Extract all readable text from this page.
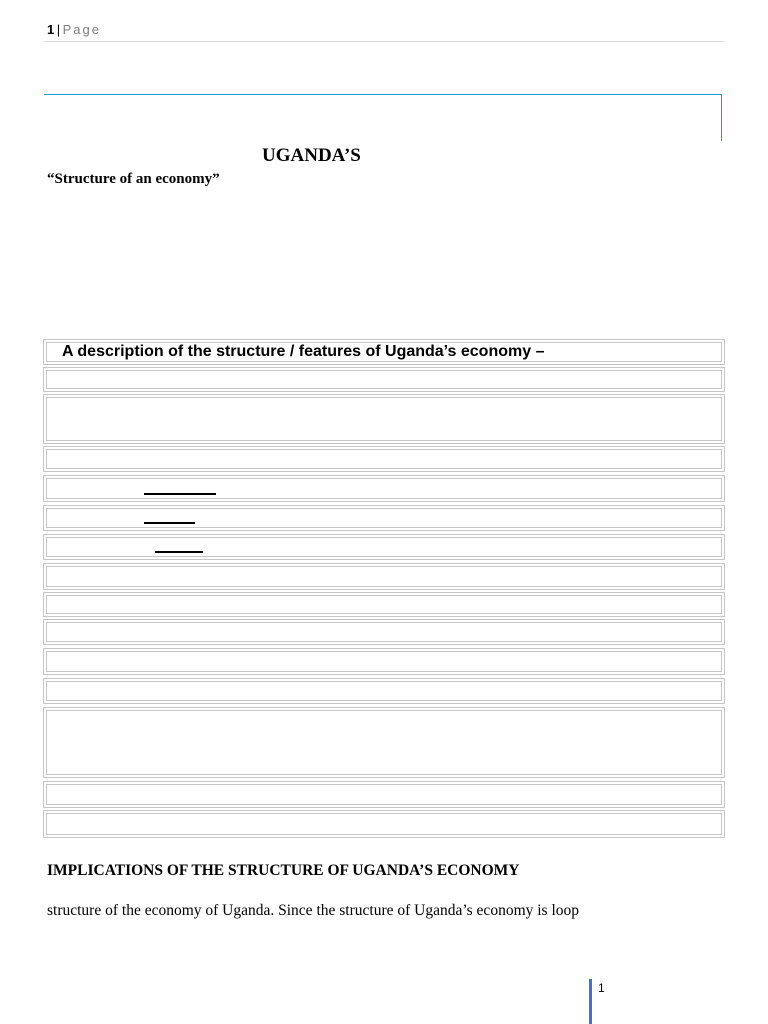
1 | Page
UGANDA’S
“Structure of an economy”
A description of the structure / features of Uganda’s economy –
IMPLICATIONS OF THE STRUCTURE OF UGANDA’S ECONOMY
structure of the economy of Uganda. Since the structure of Uganda’s economy is loop
1
